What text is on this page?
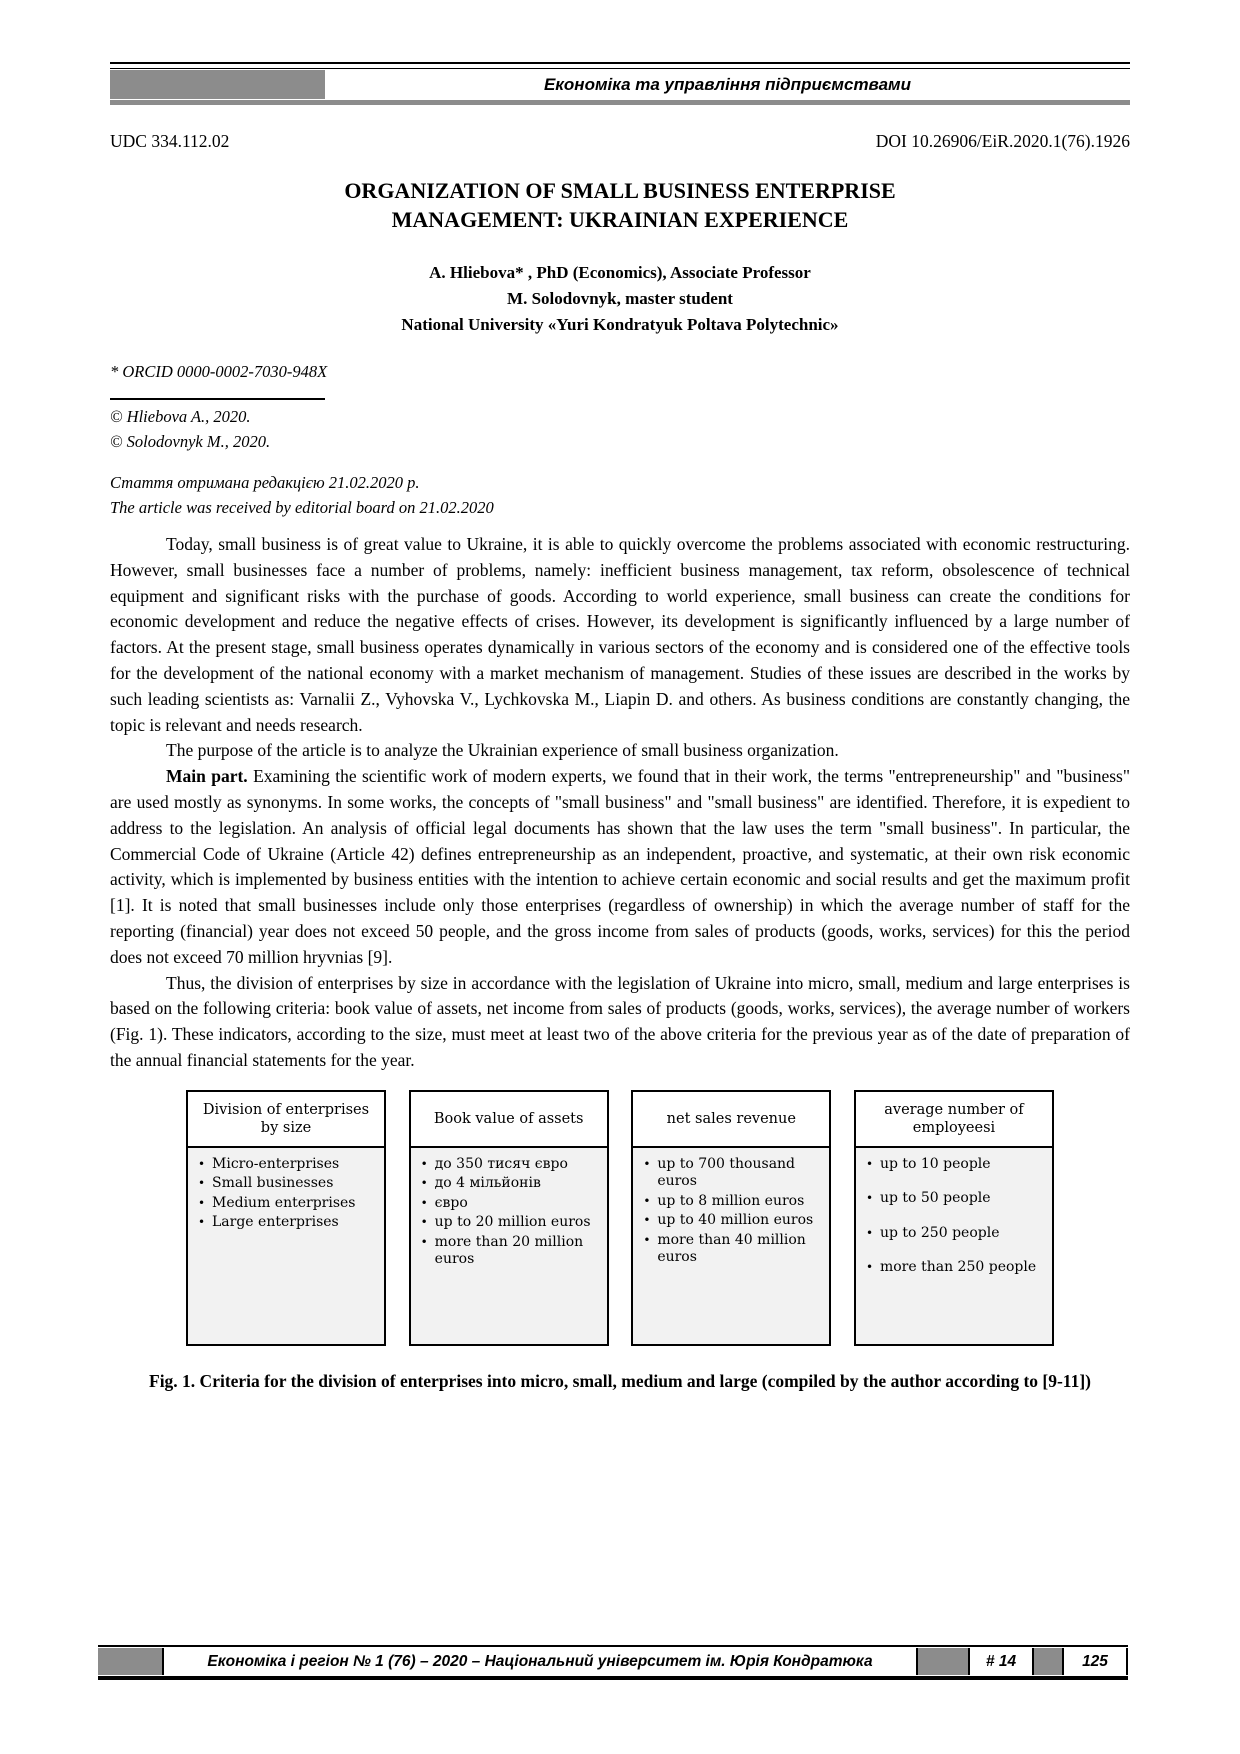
Економіка та управління підприємствами
UDC 334.112.02	DOI 10.26906/EiR.2020.1(76).1926
ORGANIZATION OF SMALL BUSINESS ENTERPRISE
MANAGEMENT: UKRAINIAN EXPERIENCE
A. Hliebova* , PhD (Economics), Associate Professor
M. Solodovnyk, master student
National University «Yuri Kondratyuk Poltava Polytechnic»
* ORCID 0000-0002-7030-948X
© Hliebova A., 2020.
© Solodovnyk M., 2020.
Стаття отримана редакцією 21.02.2020 р.
The article was received by editorial board on 21.02.2020

Today, small business is of great value to Ukraine, it is able to quickly overcome the problems associated with economic restructuring. However, small businesses face a number of problems, namely: inefficient business management, tax reform, obsolescence of technical equipment and significant risks with the purchase of goods. According to world experience, small business can create the conditions for economic development and reduce the negative effects of crises. However, its development is significantly influenced by a large number of factors. At the present stage, small business operates dynamically in various sectors of the economy and is considered one of the effective tools for the development of the national economy with a market mechanism of management. Studies of these issues are described in the works by such leading scientists as: Varnalii Z., Vyhovska V., Lychkovska M., Liapin D. and others. As business conditions are constantly changing, the topic is relevant and needs research.

The purpose of the article is to analyze the Ukrainian experience of small business organization.

Main part. Examining the scientific work of modern experts, we found that in their work, the terms "entrepreneurship" and "business" are used mostly as synonyms. In some works, the concepts of "small business" and "small business" are identified. Therefore, it is expedient to address to the legislation. An analysis of official legal documents has shown that the law uses the term "small business". In particular, the Commercial Code of Ukraine (Article 42) defines entrepreneurship as an independent, proactive, and systematic, at their own risk economic activity, which is implemented by business entities with the intention to achieve certain economic and social results and get the maximum profit [1]. It is noted that small businesses include only those enterprises (regardless of ownership) in which the average number of staff for the reporting (financial) year does not exceed 50 people, and the gross income from sales of products (goods, works, services) for this the period does not exceed 70 million hryvnias [9].

Thus, the division of enterprises by size in accordance with the legislation of Ukraine into micro, small, medium and large enterprises is based on the following criteria: book value of assets, net income from sales of products (goods, works, services), the average number of workers (Fig. 1). These indicators, according to the size, must meet at least two of the above criteria for the previous year as of the date of preparation of the annual financial statements for the year.

Division of enterprises by size
• Micro-enterprises
• Small businesses
• Medium enterprises
• Large enterprises
Book value of assets
• до 350 тисяч євро
• до 4 мільйонів
• євро
• up to 20 million euros
• more than 20 million euros
net sales revenue
• up to 700 thousand euros
• up to 8 million euros
• up to 40 million euros
• more than 40 million euros
average number of employeesi
• up to 10 people
• up to 50 people
• up to 250 people
• more than 250 people
Fig. 1. Criteria for the division of enterprises into micro, small, medium and large (compiled by the author according to [9-11])
Економіка і регіон № 1 (76) – 2020 – Національний університет ім. Юрія Кондратюка	# 14	125
